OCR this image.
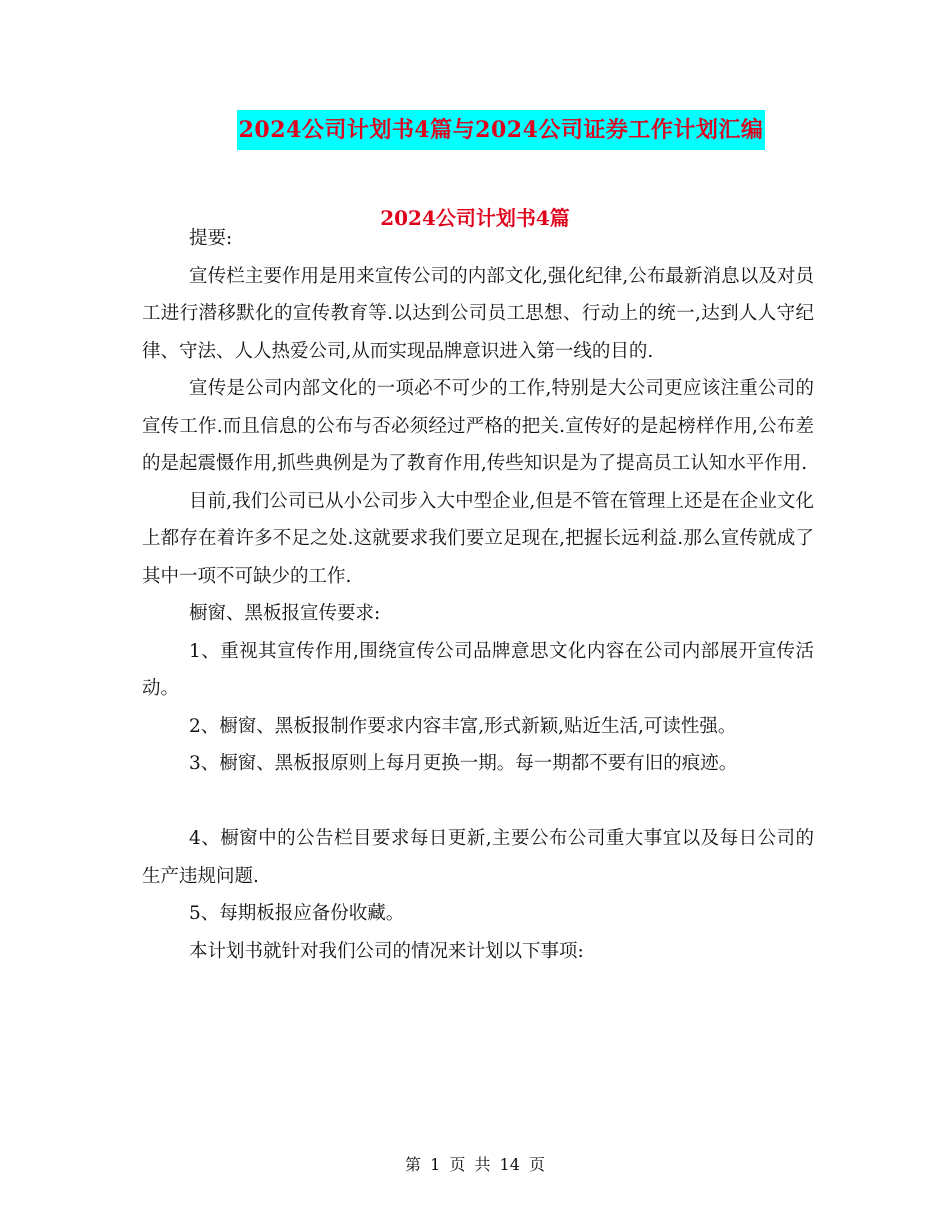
2024公司计划书4篇与2024公司证券工作计划汇编
2024公司计划书4篇

提要:

宣传栏主要作用是用来宣传公司的内部文化,强化纪律,公布最新消息以及对员工进行潜移默化的宣传教育等.以达到公司员工思想、行动上的统一,达到人人守纪律、守法、人人热爱公司,从而实现品牌意识进入第一线的目的.

宣传是公司内部文化的一项必不可少的工作,特别是大公司更应该注重公司的宣传工作.而且信息的公布与否必须经过严格的把关.宣传好的是起榜样作用,公布差的是起震慑作用,抓些典例是为了教育作用,传些知识是为了提高员工认知水平作用.

目前,我们公司已从小公司步入大中型企业,但是不管在管理上还是在企业文化上都存在着许多不足之处.这就要求我们要立足现在,把握长远利益.那么宣传就成了其中一项不可缺少的工作.

橱窗、黑板报宣传要求:

1、重视其宣传作用,围绕宣传公司品牌意思文化内容在公司内部展开宣传活动。

2、橱窗、黑板报制作要求内容丰富,形式新颖,贴近生活,可读性强。

3、橱窗、黑板报原则上每月更换一期。每一期都不要有旧的痕迹。

4、橱窗中的公告栏目要求每日更新,主要公布公司重大事宜以及每日公司的生产违规问题.

5、每期板报应备份收藏。

本计划书就针对我们公司的情况来计划以下事项:

第 1 页 共 14 页
